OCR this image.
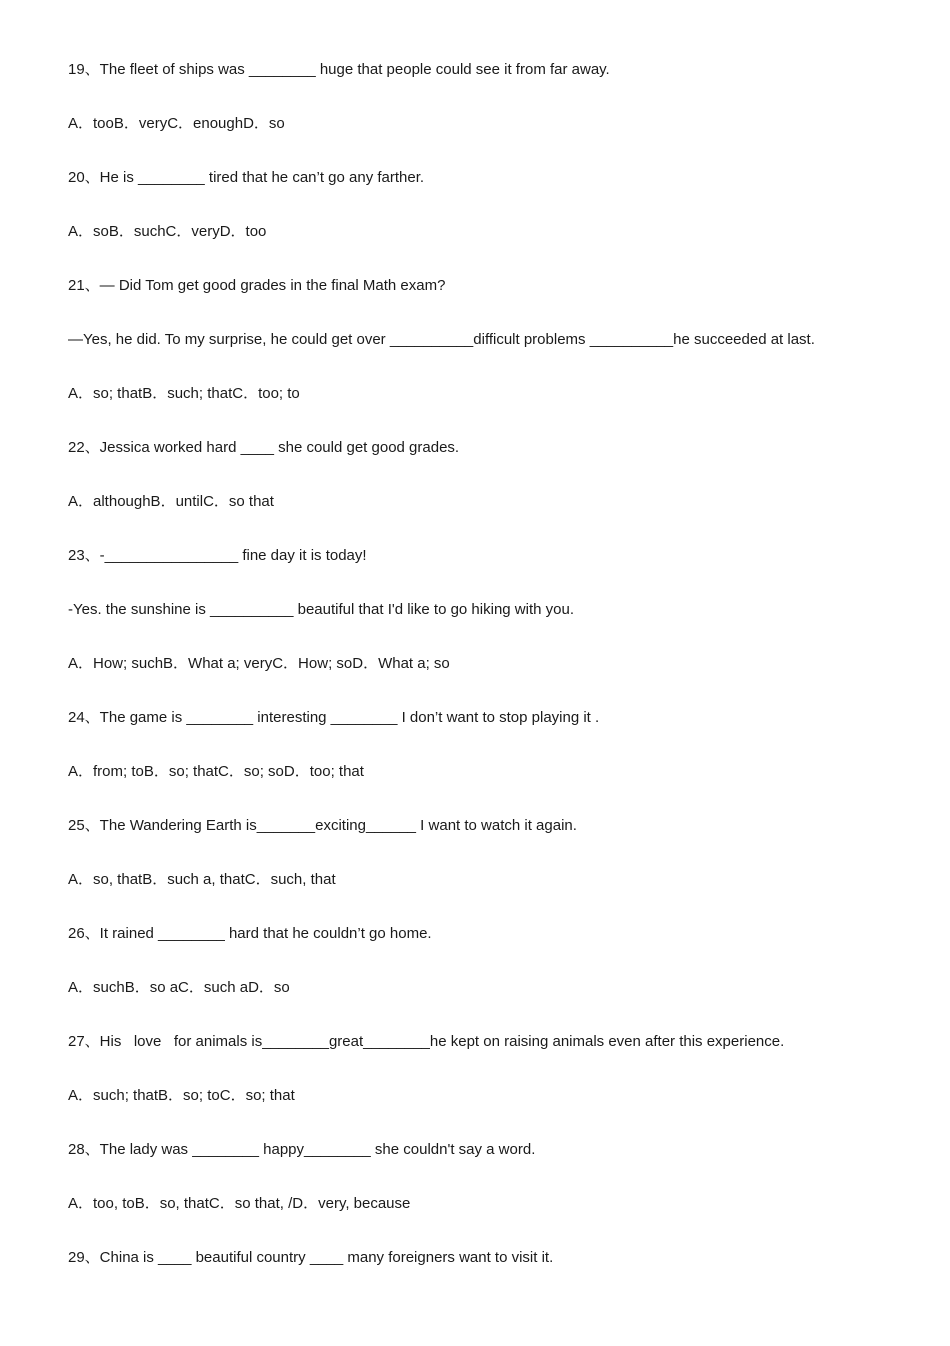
19、The fleet of ships was ________ huge that people could see it from far away.
A．tooB．veryC．enoughD．so
20、He is ________ tired that he can’t go any farther.
A．soB．suchC．veryD．too
21、— Did Tom get good grades in the final Math exam?
—Yes, he did. To my surprise, he could get over __________difficult problems __________he succeeded at last.
A．so; thatB．such; thatC．too; to
22、Jessica worked hard ____ she could get good grades.
A．althoughB．untilC．so that
23、-________________ fine day it is today!
-Yes. the sunshine is __________ beautiful that I'd like to go hiking with you.
A．How; suchB．What a; veryC．How; soD．What a; so
24、The game is ________ interesting ________ I don’t want to stop playing it .
A．from; toB．so; thatC．so; soD．too; that
25、The Wandering Earth is_______exciting______ I want to watch it again.
A．so, thatB．such a, thatC．such, that
26、It rained ________ hard that he couldn’t go home.
A．suchB．so aC．such aD．so
27、His   love   for animals is________great________he kept on raising animals even after this experience.
A．such; thatB．so; toC．so; that
28、The lady was ________ happy________ she couldn't say a word.
A．too, toB．so, thatC．so that, /D．very, because
29、China is ____ beautiful country ____ many foreigners want to visit it.
